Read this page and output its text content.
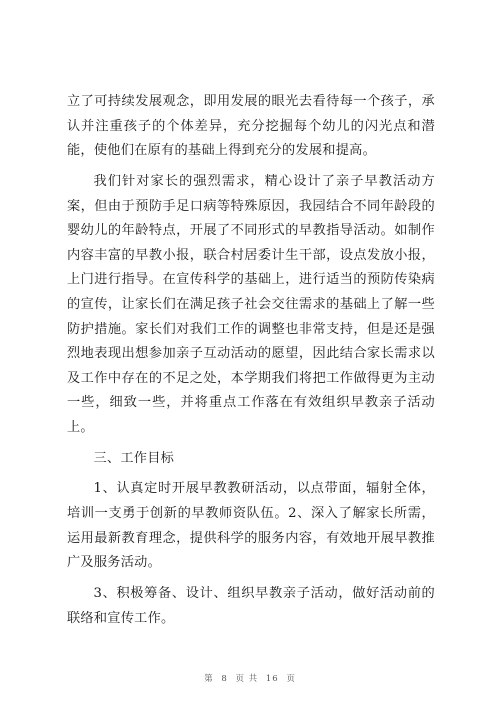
立了可持续发展观念，即用发展的眼光去看待每一个孩子，承认并注重孩子的个体差异，充分挖掘每个幼儿的闪光点和潜能，使他们在原有的基础上得到充分的发展和提高。

我们针对家长的强烈需求，精心设计了亲子早教活动方案，但由于预防手足口病等特殊原因，我园结合不同年龄段的婴幼儿的年龄特点，开展了不同形式的早教指导活动。如制作内容丰富的早教小报，联合村居委计生干部，设点发放小报，上门进行指导。在宣传科学的基础上，进行适当的预防传染病的宣传，让家长们在满足孩子社会交往需求的基础上了解一些防护措施。家长们对我们工作的调整也非常支持，但是还是强烈地表现出想参加亲子互动活动的愿望，因此结合家长需求以及工作中存在的不足之处，本学期我们将把工作做得更为主动一些，细致一些，并将重点工作落在有效组织早教亲子活动上。

三、工作目标

1、认真定时开展早教教研活动，以点带面，辐射全体，培训一支勇于创新的早教师资队伍。2、深入了解家长所需，运用最新教育理念，提供科学的服务内容，有效地开展早教推广及服务活动。

3、积极筹备、设计、组织早教亲子活动，做好活动前的联络和宣传工作。

第 8 页 共 16 页
